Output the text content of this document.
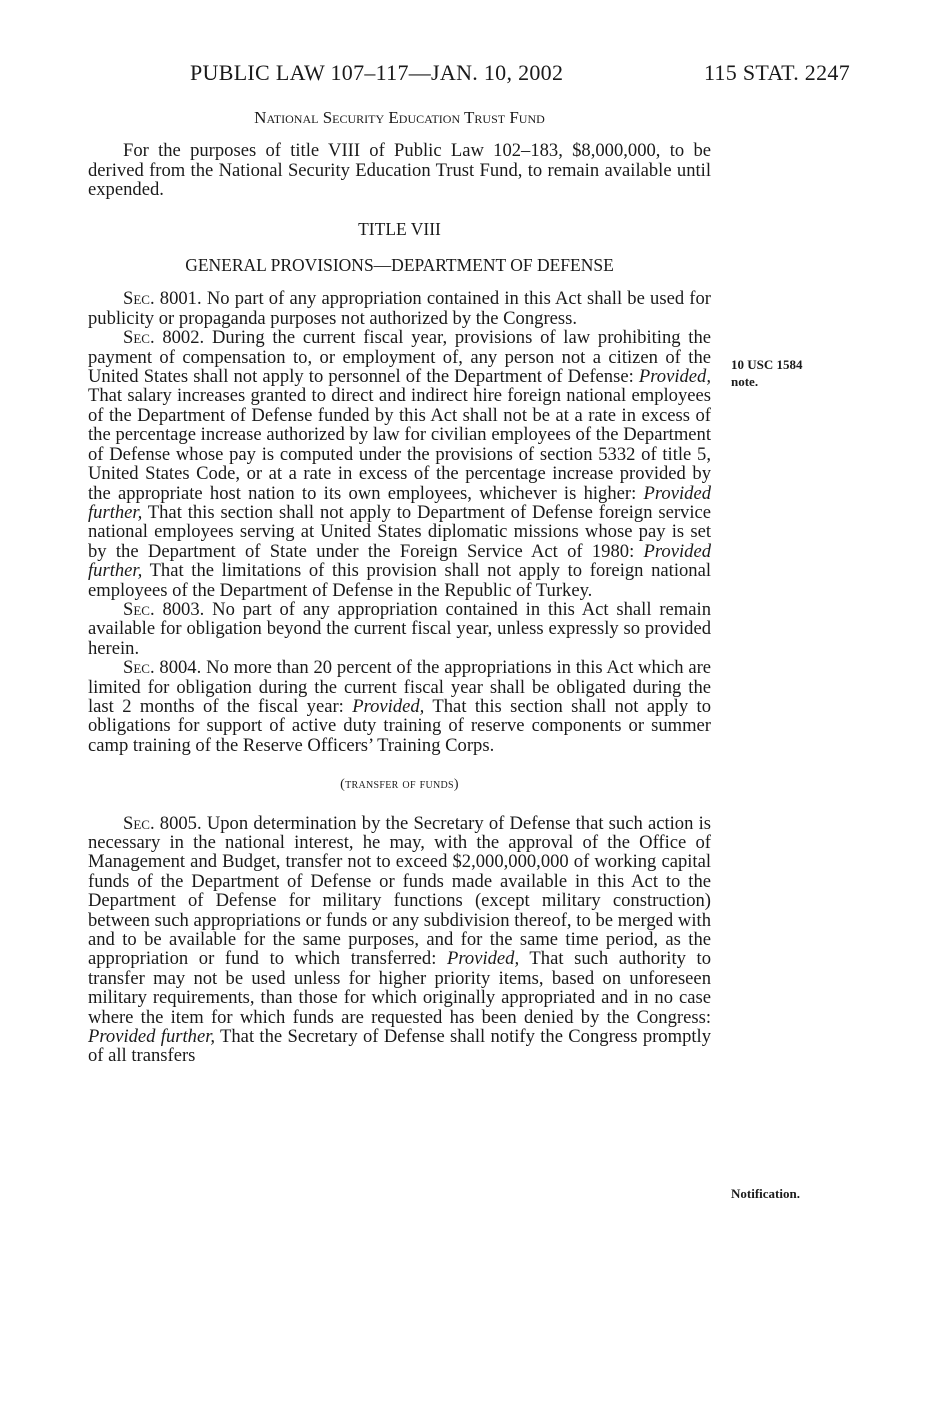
PUBLIC LAW 107–117—JAN. 10, 2002	115 STAT. 2247
National Security Education Trust Fund

For the purposes of title VIII of Public Law 102–183, $8,000,000, to be derived from the National Security Education Trust Fund, to remain available until expended.

TITLE VIII
GENERAL PROVISIONS—DEPARTMENT OF DEFENSE

Sec. 8001. No part of any appropriation contained in this Act shall be used for publicity or propaganda purposes not authorized by the Congress.

Sec. 8002. During the current fiscal year, provisions of law prohibiting the payment of compensation to, or employment of, any person not a citizen of the United States shall not apply to personnel of the Department of Defense: Provided, That salary increases granted to direct and indirect hire foreign national employees of the Department of Defense funded by this Act shall not be at a rate in excess of the percentage increase authorized by law for civilian employees of the Department of Defense whose pay is computed under the provisions of section 5332 of title 5, United States Code, or at a rate in excess of the percentage increase provided by the appropriate host nation to its own employees, whichever is higher: Provided further, That this section shall not apply to Department of Defense foreign service national employees serving at United States diplomatic missions whose pay is set by the Department of State under the Foreign Service Act of 1980: Provided further, That the limitations of this provision shall not apply to foreign national employees of the Department of Defense in the Republic of Turkey.

Sec. 8003. No part of any appropriation contained in this Act shall remain available for obligation beyond the current fiscal year, unless expressly so provided herein.

Sec. 8004. No more than 20 percent of the appropriations in this Act which are limited for obligation during the current fiscal year shall be obligated during the last 2 months of the fiscal year: Provided, That this section shall not apply to obligations for support of active duty training of reserve components or summer camp training of the Reserve Officers’ Training Corps.

(transfer of funds)

Sec. 8005. Upon determination by the Secretary of Defense that such action is necessary in the national interest, he may, with the approval of the Office of Management and Budget, transfer not to exceed $2,000,000,000 of working capital funds of the Department of Defense or funds made available in this Act to the Department of Defense for military functions (except military construction) between such appropriations or funds or any subdivision thereof, to be merged with and to be available for the same purposes, and for the same time period, as the appropriation or fund to which transferred: Provided, That such authority to transfer may not be used unless for higher priority items, based on unforeseen military requirements, than those for which originally appropriated and in no case where the item for which funds are requested has been denied by the Congress: Provided further, That the Secretary of Defense shall notify the Congress promptly of all transfers

10 USC 1584
note.
Notification.
